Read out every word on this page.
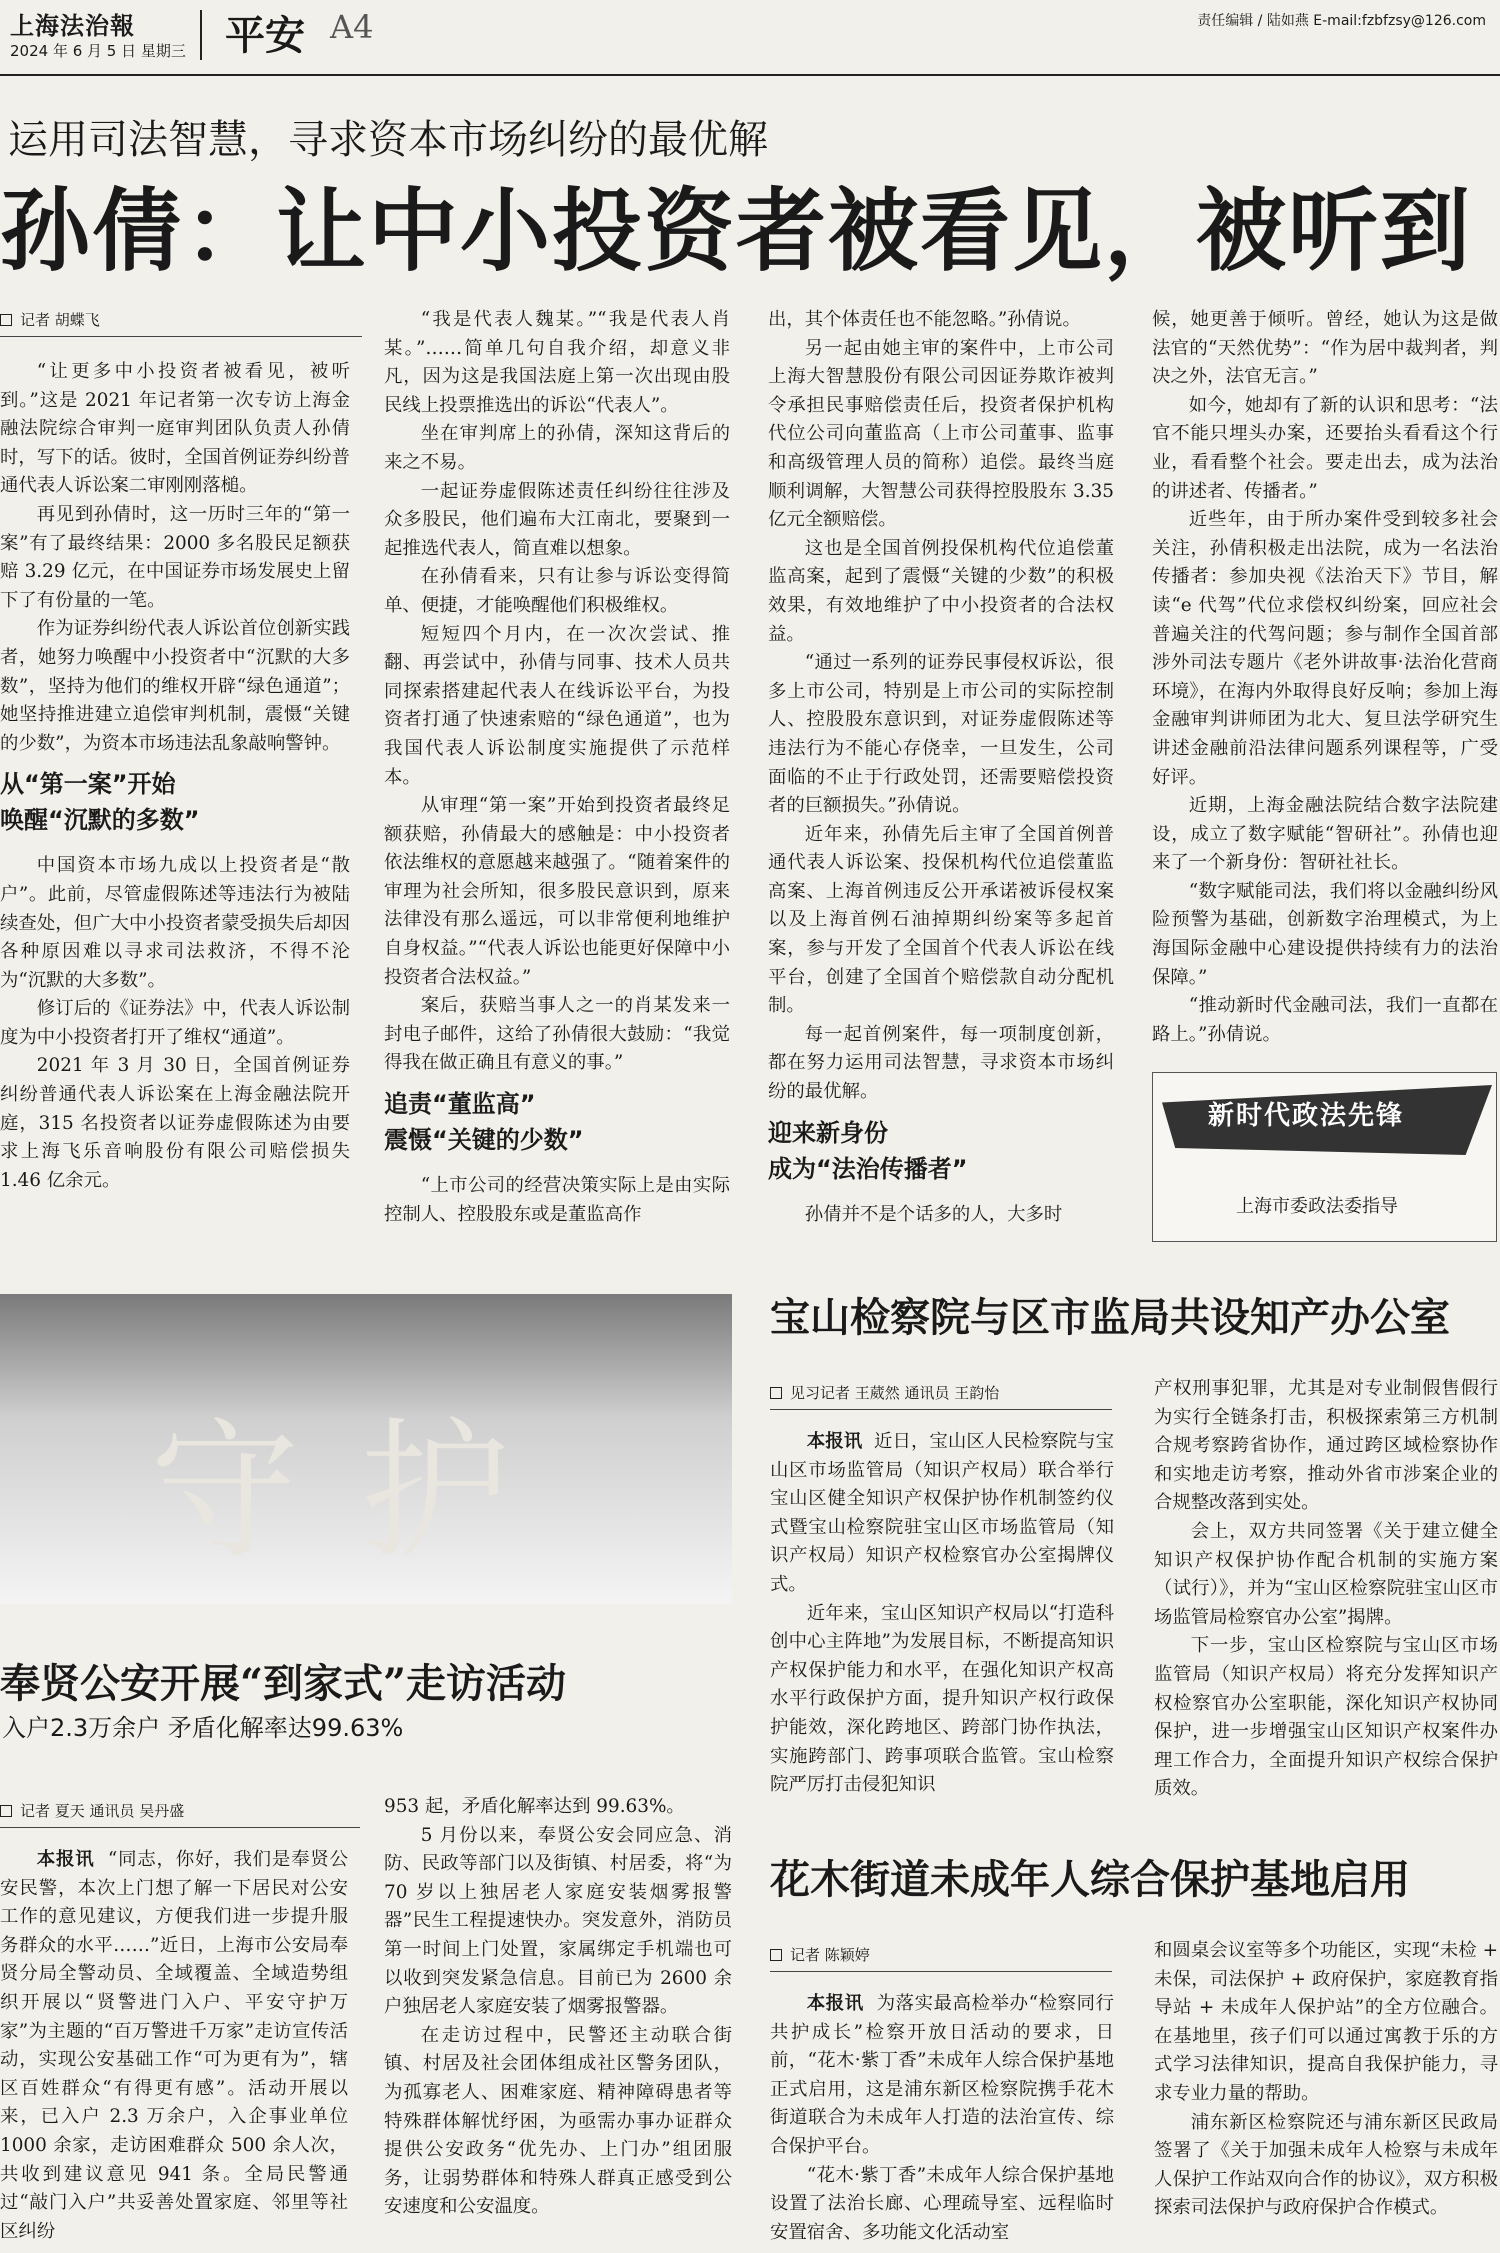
上海法治報
2024 年 6 月 5 日 星期三 平安 A4	责任编辑 / 陆如燕 E-mail:fzbfzsy@126.com
运用司法智慧，寻求资本市场纠纷的最优解
孙倩：让中小投资者被看见，被听到
记者 胡蝶飞

“让更多中小投资者被看见，被听到。”这是 2021 年记者第一次专访上海金融法院综合审判一庭审判团队负责人孙倩时，写下的话。彼时，全国首例证券纠纷普通代表人诉讼案二审刚刚落槌。

再见到孙倩时，这一历时三年的“第一案”有了最终结果：2000 多名股民足额获赔 3.29 亿元，在中国证券市场发展史上留下了有份量的一笔。

作为证券纠纷代表人诉讼首位创新实践者，她努力唤醒中小投资者中“沉默的大多数”，坚持为他们的维权开辟“绿色通道”；她坚持推进建立追偿审判机制，震慑“关键的少数”，为资本市场违法乱象敲响警钟。

从“第一案”开始
唤醒“沉默的多数”

中国资本市场九成以上投资者是“散户”。此前，尽管虚假陈述等违法行为被陆续查处，但广大中小投资者蒙受损失后却因各种原因难以寻求司法救济，不得不沦为“沉默的大多数”。

修订后的《证券法》中，代表人诉讼制度为中小投资者打开了维权“通道”。

2021 年 3 月 30 日，全国首例证券纠纷普通代表人诉讼案在上海金融法院开庭，315 名投资者以证券虚假陈述为由要求上海飞乐音响股份有限公司赔偿损失 1.46 亿余元。

“我是代表人魏某。”“我是代表人肖某。”……简单几句自我介绍，却意义非凡，因为这是我国法庭上第一次出现由股民线上投票推选出的诉讼“代表人”。

坐在审判席上的孙倩，深知这背后的来之不易。

一起证券虚假陈述责任纠纷往往涉及众多股民，他们遍布大江南北，要聚到一起推选代表人，简直难以想象。

在孙倩看来，只有让参与诉讼变得简单、便捷，才能唤醒他们积极维权。

短短四个月内，在一次次尝试、推翻、再尝试中，孙倩与同事、技术人员共同探索搭建起代表人在线诉讼平台，为投资者打通了快速索赔的“绿色通道”，也为我国代表人诉讼制度实施提供了示范样本。

从审理“第一案”开始到投资者最终足额获赔，孙倩最大的感触是：中小投资者依法维权的意愿越来越强了。“随着案件的审理为社会所知，很多股民意识到，原来法律没有那么遥远，可以非常便利地维护自身权益。”“代表人诉讼也能更好保障中小投资者合法权益。”

案后，获赔当事人之一的肖某发来一封电子邮件，这给了孙倩很大鼓励：“我觉得我在做正确且有意义的事。”

追责“董监高”
震慑“关键的少数”

“上市公司的经营决策实际上是由实际控制人、控股股东或是董监高作

出，其个体责任也不能忽略。”孙倩说。

另一起由她主审的案件中，上市公司上海大智慧股份有限公司因证券欺诈被判令承担民事赔偿责任后，投资者保护机构代位公司向董监高（上市公司董事、监事和高级管理人员的简称）追偿。最终当庭顺利调解，大智慧公司获得控股股东 3.35 亿元全额赔偿。

这也是全国首例投保机构代位追偿董监高案，起到了震慑“关键的少数”的积极效果，有效地维护了中小投资者的合法权益。

“通过一系列的证券民事侵权诉讼，很多上市公司，特别是上市公司的实际控制人、控股股东意识到，对证券虚假陈述等违法行为不能心存侥幸，一旦发生，公司面临的不止于行政处罚，还需要赔偿投资者的巨额损失。”孙倩说。

近年来，孙倩先后主审了全国首例普通代表人诉讼案、投保机构代位追偿董监高案、上海首例违反公开承诺被诉侵权案以及上海首例石油掉期纠纷案等多起首案，参与开发了全国首个代表人诉讼在线平台，创建了全国首个赔偿款自动分配机制。

每一起首例案件，每一项制度创新，都在努力运用司法智慧，寻求资本市场纠纷的最优解。

迎来新身份
成为“法治传播者”

孙倩并不是个话多的人，大多时

候，她更善于倾听。曾经，她认为这是做法官的“天然优势”：“作为居中裁判者，判决之外，法官无言。”

如今，她却有了新的认识和思考：“法官不能只埋头办案，还要抬头看看这个行业，看看整个社会。要走出去，成为法治的讲述者、传播者。”

近些年，由于所办案件受到较多社会关注，孙倩积极走出法院，成为一名法治传播者：参加央视《法治天下》节目，解读“e 代驾”代位求偿权纠纷案，回应社会普遍关注的代驾问题；参与制作全国首部涉外司法专题片《老外讲故事·法治化营商环境》，在海内外取得良好反响；参加上海金融审判讲师团为北大、复旦法学研究生讲述金融前沿法律问题系列课程等，广受好评。

近期，上海金融法院结合数字法院建设，成立了数字赋能“智研社”。孙倩也迎来了一个新身份：智研社社长。

“数字赋能司法，我们将以金融纠纷风险预警为基础，创新数字治理模式，为上海国际金融中心建设提供持续有力的法治保障。”

“推动新时代金融司法，我们一直都在路上。”孙倩说。

新时代政法先锋
上海市委政法委指导
守护
奉贤公安开展“到家式”走访活动
入户2.3万余户 矛盾化解率达99.63%
记者 夏天 通讯员 吴丹盛

本报讯 “同志，你好，我们是奉贤公安民警，本次上门想了解一下居民对公安工作的意见建议，方便我们进一步提升服务群众的水平……”近日，上海市公安局奉贤分局全警动员、全域覆盖、全域造势组织开展以“贤警进门入户、平安守护万家”为主题的“百万警进千万家”走访宣传活动，实现公安基础工作“可为更有为”，辖区百姓群众“有得更有感”。活动开展以来，已入户 2.3 万余户，入企事业单位 1000 余家，走访困难群众 500 余人次，共收到建议意见 941 条。全局民警通过“敲门入户”共妥善处置家庭、邻里等社区纠纷

953 起，矛盾化解率达到 99.63%。

5 月份以来，奉贤公安会同应急、消防、民政等部门以及街镇、村居委，将“为 70 岁以上独居老人家庭安装烟雾报警器”民生工程提速快办。突发意外，消防员第一时间上门处置，家属绑定手机端也可以收到突发紧急信息。目前已为 2600 余户独居老人家庭安装了烟雾报警器。

在走访过程中，民警还主动联合街镇、村居及社会团体组成社区警务团队，为孤寡老人、困难家庭、精神障碍患者等特殊群体解忧纾困，为亟需办事办证群众提供公安政务“优先办、上门办”组团服务，让弱势群体和特殊人群真正感受到公安速度和公安温度。

宝山检察院与区市监局共设知产办公室
见习记者 王葳然 通讯员 王韵怡

本报讯 近日，宝山区人民检察院与宝山区市场监管局（知识产权局）联合举行宝山区健全知识产权保护协作机制签约仪式暨宝山检察院驻宝山区市场监管局（知识产权局）知识产权检察官办公室揭牌仪式。

近年来，宝山区知识产权局以“打造科创中心主阵地”为发展目标，不断提高知识产权保护能力和水平，在强化知识产权高水平行政保护方面，提升知识产权行政保护能效，深化跨地区、跨部门协作执法，实施跨部门、跨事项联合监管。宝山检察院严厉打击侵犯知识

产权刑事犯罪，尤其是对专业制假售假行为实行全链条打击，积极探索第三方机制合规考察跨省协作，通过跨区域检察协作和实地走访考察，推动外省市涉案企业的合规整改落到实处。

会上，双方共同签署《关于建立健全知识产权保护协作配合机制的实施方案（试行）》，并为“宝山区检察院驻宝山区市场监管局检察官办公室”揭牌。

下一步，宝山区检察院与宝山区市场监管局（知识产权局）将充分发挥知识产权检察官办公室职能，深化知识产权协同保护，进一步增强宝山区知识产权案件办理工作合力，全面提升知识产权综合保护质效。

花木街道未成年人综合保护基地启用
记者 陈颖婷

本报讯 为落实最高检举办“检察同行 共护成长”检察开放日活动的要求，日前，“花木·紫丁香”未成年人综合保护基地正式启用，这是浦东新区检察院携手花木街道联合为未成年人打造的法治宣传、综合保护平台。

“花木·紫丁香”未成年人综合保护基地设置了法治长廊、心理疏导室、远程临时安置宿舍、多功能文化活动室

和圆桌会议室等多个功能区，实现“未检 + 未保，司法保护 + 政府保护，家庭教育指导站 + 未成年人保护站”的全方位融合。在基地里，孩子们可以通过寓教于乐的方式学习法律知识，提高自我保护能力，寻求专业力量的帮助。

浦东新区检察院还与浦东新区民政局签署了《关于加强未成年人检察与未成年人保护工作站双向合作的协议》，双方积极探索司法保护与政府保护合作模式。
